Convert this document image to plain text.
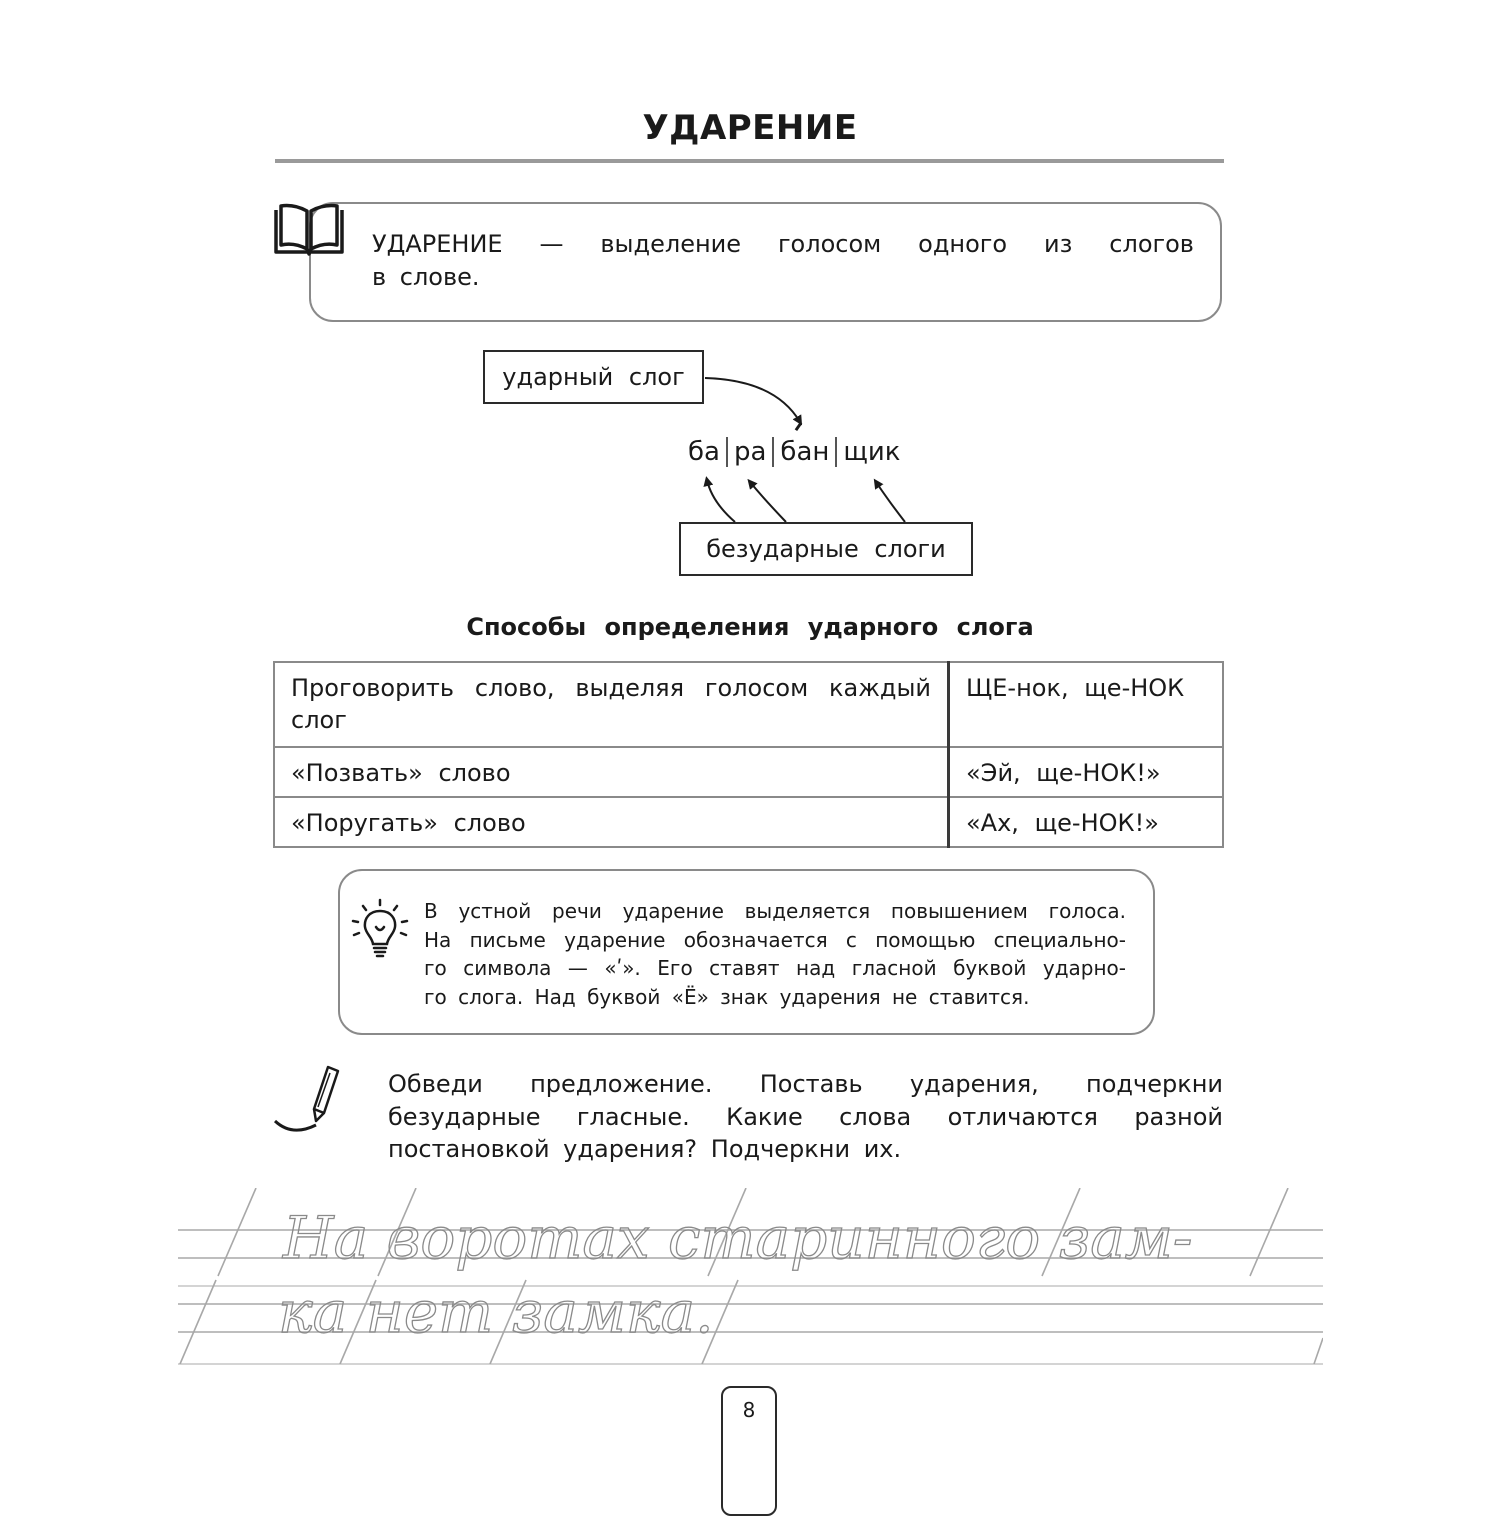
УДАРЕНИЕ
УДАРЕНИЕ — выделение голосом одного из слогов
в слове.
ударный слог
ба ра бан щик
безударные слоги
Способы определения ударного слога
Проговорить слово, выделяя голосом каждый слог	ЩЕ-нок, ще-НОК
«Позвать» слово	«Эй, ще-НОК!»
«Поругать» слово	«Ах, ще-НОК!»
В устной речи ударение выделяется повышением голоса.
На письме ударение обозначается с помощью специально-
го символа — «ʹ». Его ставят над гласной буквой ударно-
го слога. Над буквой «Ё» знак ударения не ставится.
Обведи предложение. Поставь ударения, подчеркни безударные гласные. Какие слова отличаются разной постановкой ударения? Подчеркни их.
На воротах старинного зам-
ка нет замка.
8
